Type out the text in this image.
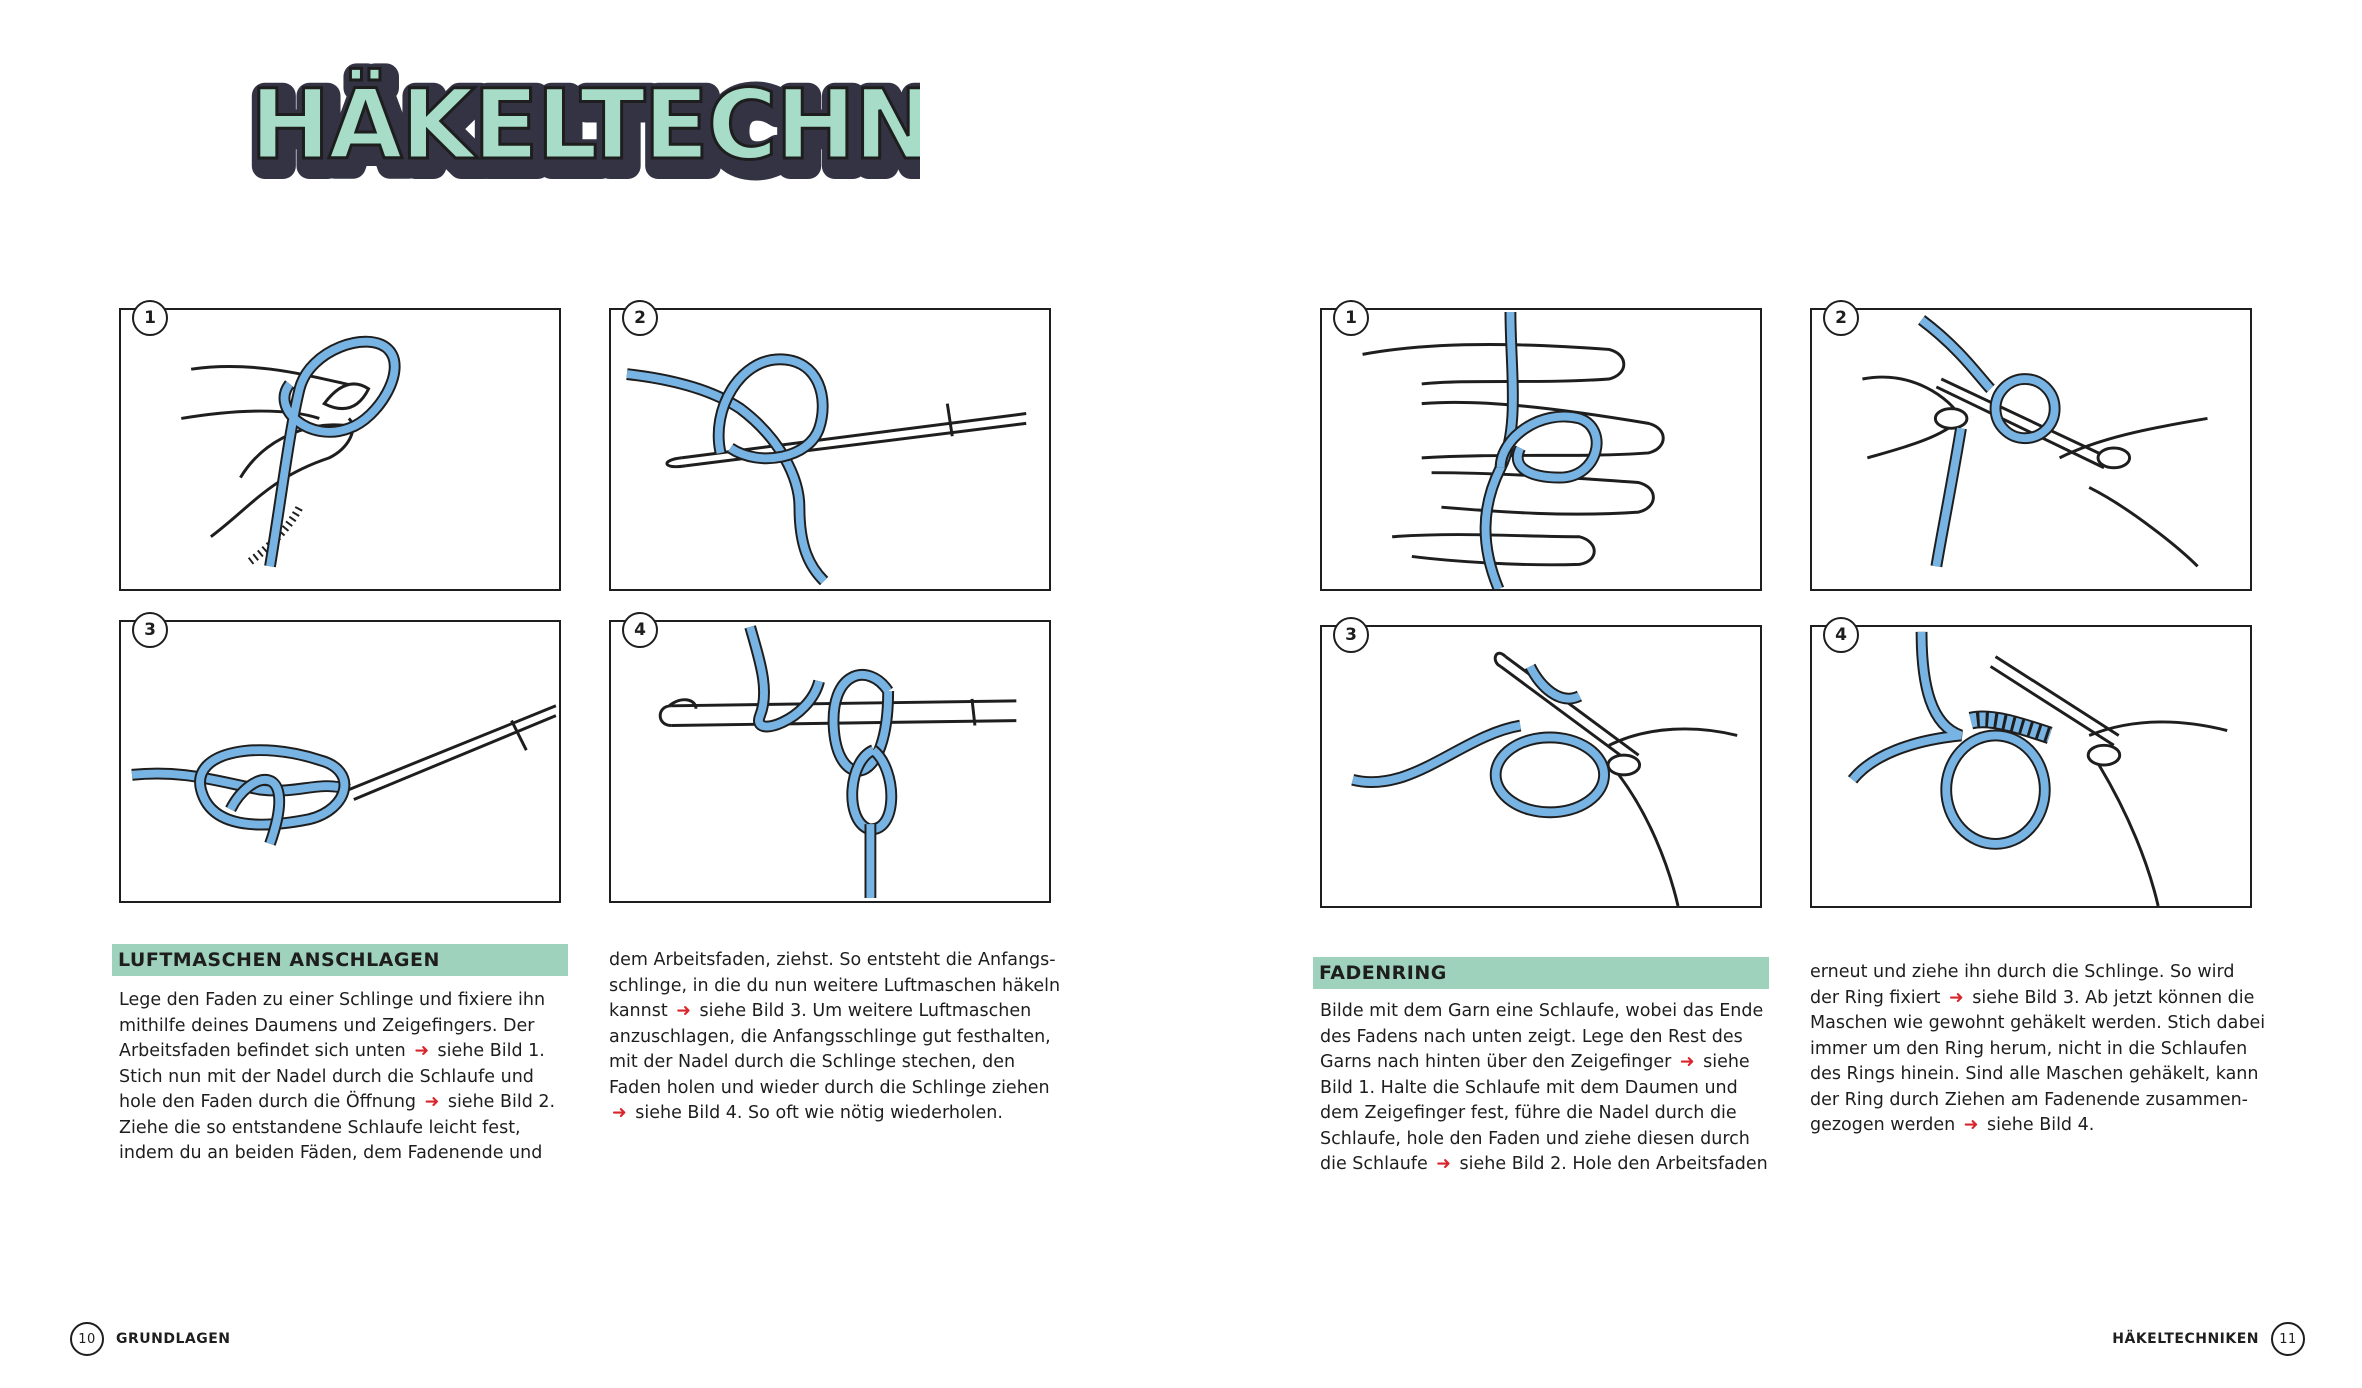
HÄKELTECHN
HÄKELTECHN
1	2
3	4
1	2
3	4
LUFTMASCHEN ANSCHLAGEN
Lege den Faden zu einer Schlinge und fixiere ihn
mithilfe deines Daumens und Zeigefingers. Der
Arbeitsfaden befindet sich unten ➜ siehe Bild 1.
Stich nun mit der Nadel durch die Schlaufe und
hole den Faden durch die Öffnung ➜ siehe Bild 2.
Ziehe die so entstandene Schlaufe leicht fest,
indem du an beiden Fäden, dem Fadenende und
dem Arbeitsfaden, ziehst. So entsteht die Anfangs-
schlinge, in die du nun weitere Luftmaschen häkeln
kannst ➜ siehe Bild 3. Um weitere Luftmaschen
anzuschlagen, die Anfangsschlinge gut festhalten,
mit der Nadel durch die Schlinge stechen, den
Faden holen und wieder durch die Schlinge ziehen
➜ siehe Bild 4. So oft wie nötig wiederholen.
FADENRING
Bilde mit dem Garn eine Schlaufe, wobei das Ende
des Fadens nach unten zeigt. Lege den Rest des
Garns nach hinten über den Zeigefinger ➜ siehe
Bild 1. Halte die Schlaufe mit dem Daumen und
dem Zeigefinger fest, führe die Nadel durch die
Schlaufe, hole den Faden und ziehe diesen durch
die Schlaufe ➜ siehe Bild 2. Hole den Arbeitsfaden
erneut und ziehe ihn durch die Schlinge. So wird
der Ring fixiert ➜ siehe Bild 3. Ab jetzt können die
Maschen wie gewohnt gehäkelt werden. Stich dabei
immer um den Ring herum, nicht in die Schlaufen
des Rings hinein. Sind alle Maschen gehäkelt, kann
der Ring durch Ziehen am Fadenende zusammen-
gezogen werden ➜ siehe Bild 4.
10	GRUNDLAGEN	HÄKELTECHNIKEN	11
